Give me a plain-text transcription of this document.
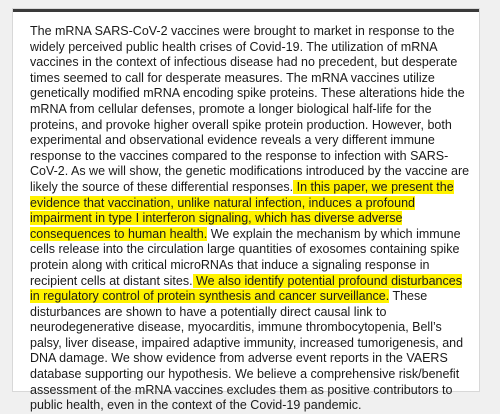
The mRNA SARS-CoV-2 vaccines were brought to market in response to the widely perceived public health crises of Covid-19. The utilization of mRNA vaccines in the context of infectious disease had no precedent, but desperate times seemed to call for desperate measures. The mRNA vaccines utilize genetically modified mRNA encoding spike proteins. These alterations hide the mRNA from cellular defenses, promote a longer biological half-life for the proteins, and provoke higher overall spike protein production. However, both experimental and observational evidence reveals a very different immune response to the vaccines compared to the response to infection with SARS-CoV-2. As we will show, the genetic modifications introduced by the vaccine are likely the source of these differential responses. In this paper, we present the evidence that vaccination, unlike natural infection, induces a profound impairment in type I interferon signaling, which has diverse adverse consequences to human health. We explain the mechanism by which immune cells release into the circulation large quantities of exosomes containing spike protein along with critical microRNAs that induce a signaling response in recipient cells at distant sites. We also identify potential profound disturbances in regulatory control of protein synthesis and cancer surveillance. These disturbances are shown to have a potentially direct causal link to neurodegenerative disease, myocarditis, immune thrombocytopenia, Bell’s palsy, liver disease, impaired adaptive immunity, increased tumorigenesis, and DNA damage. We show evidence from adverse event reports in the VAERS database supporting our hypothesis. We believe a comprehensive risk/benefit assessment of the mRNA vaccines excludes them as positive contributors to public health, even in the context of the Covid-19 pandemic.
